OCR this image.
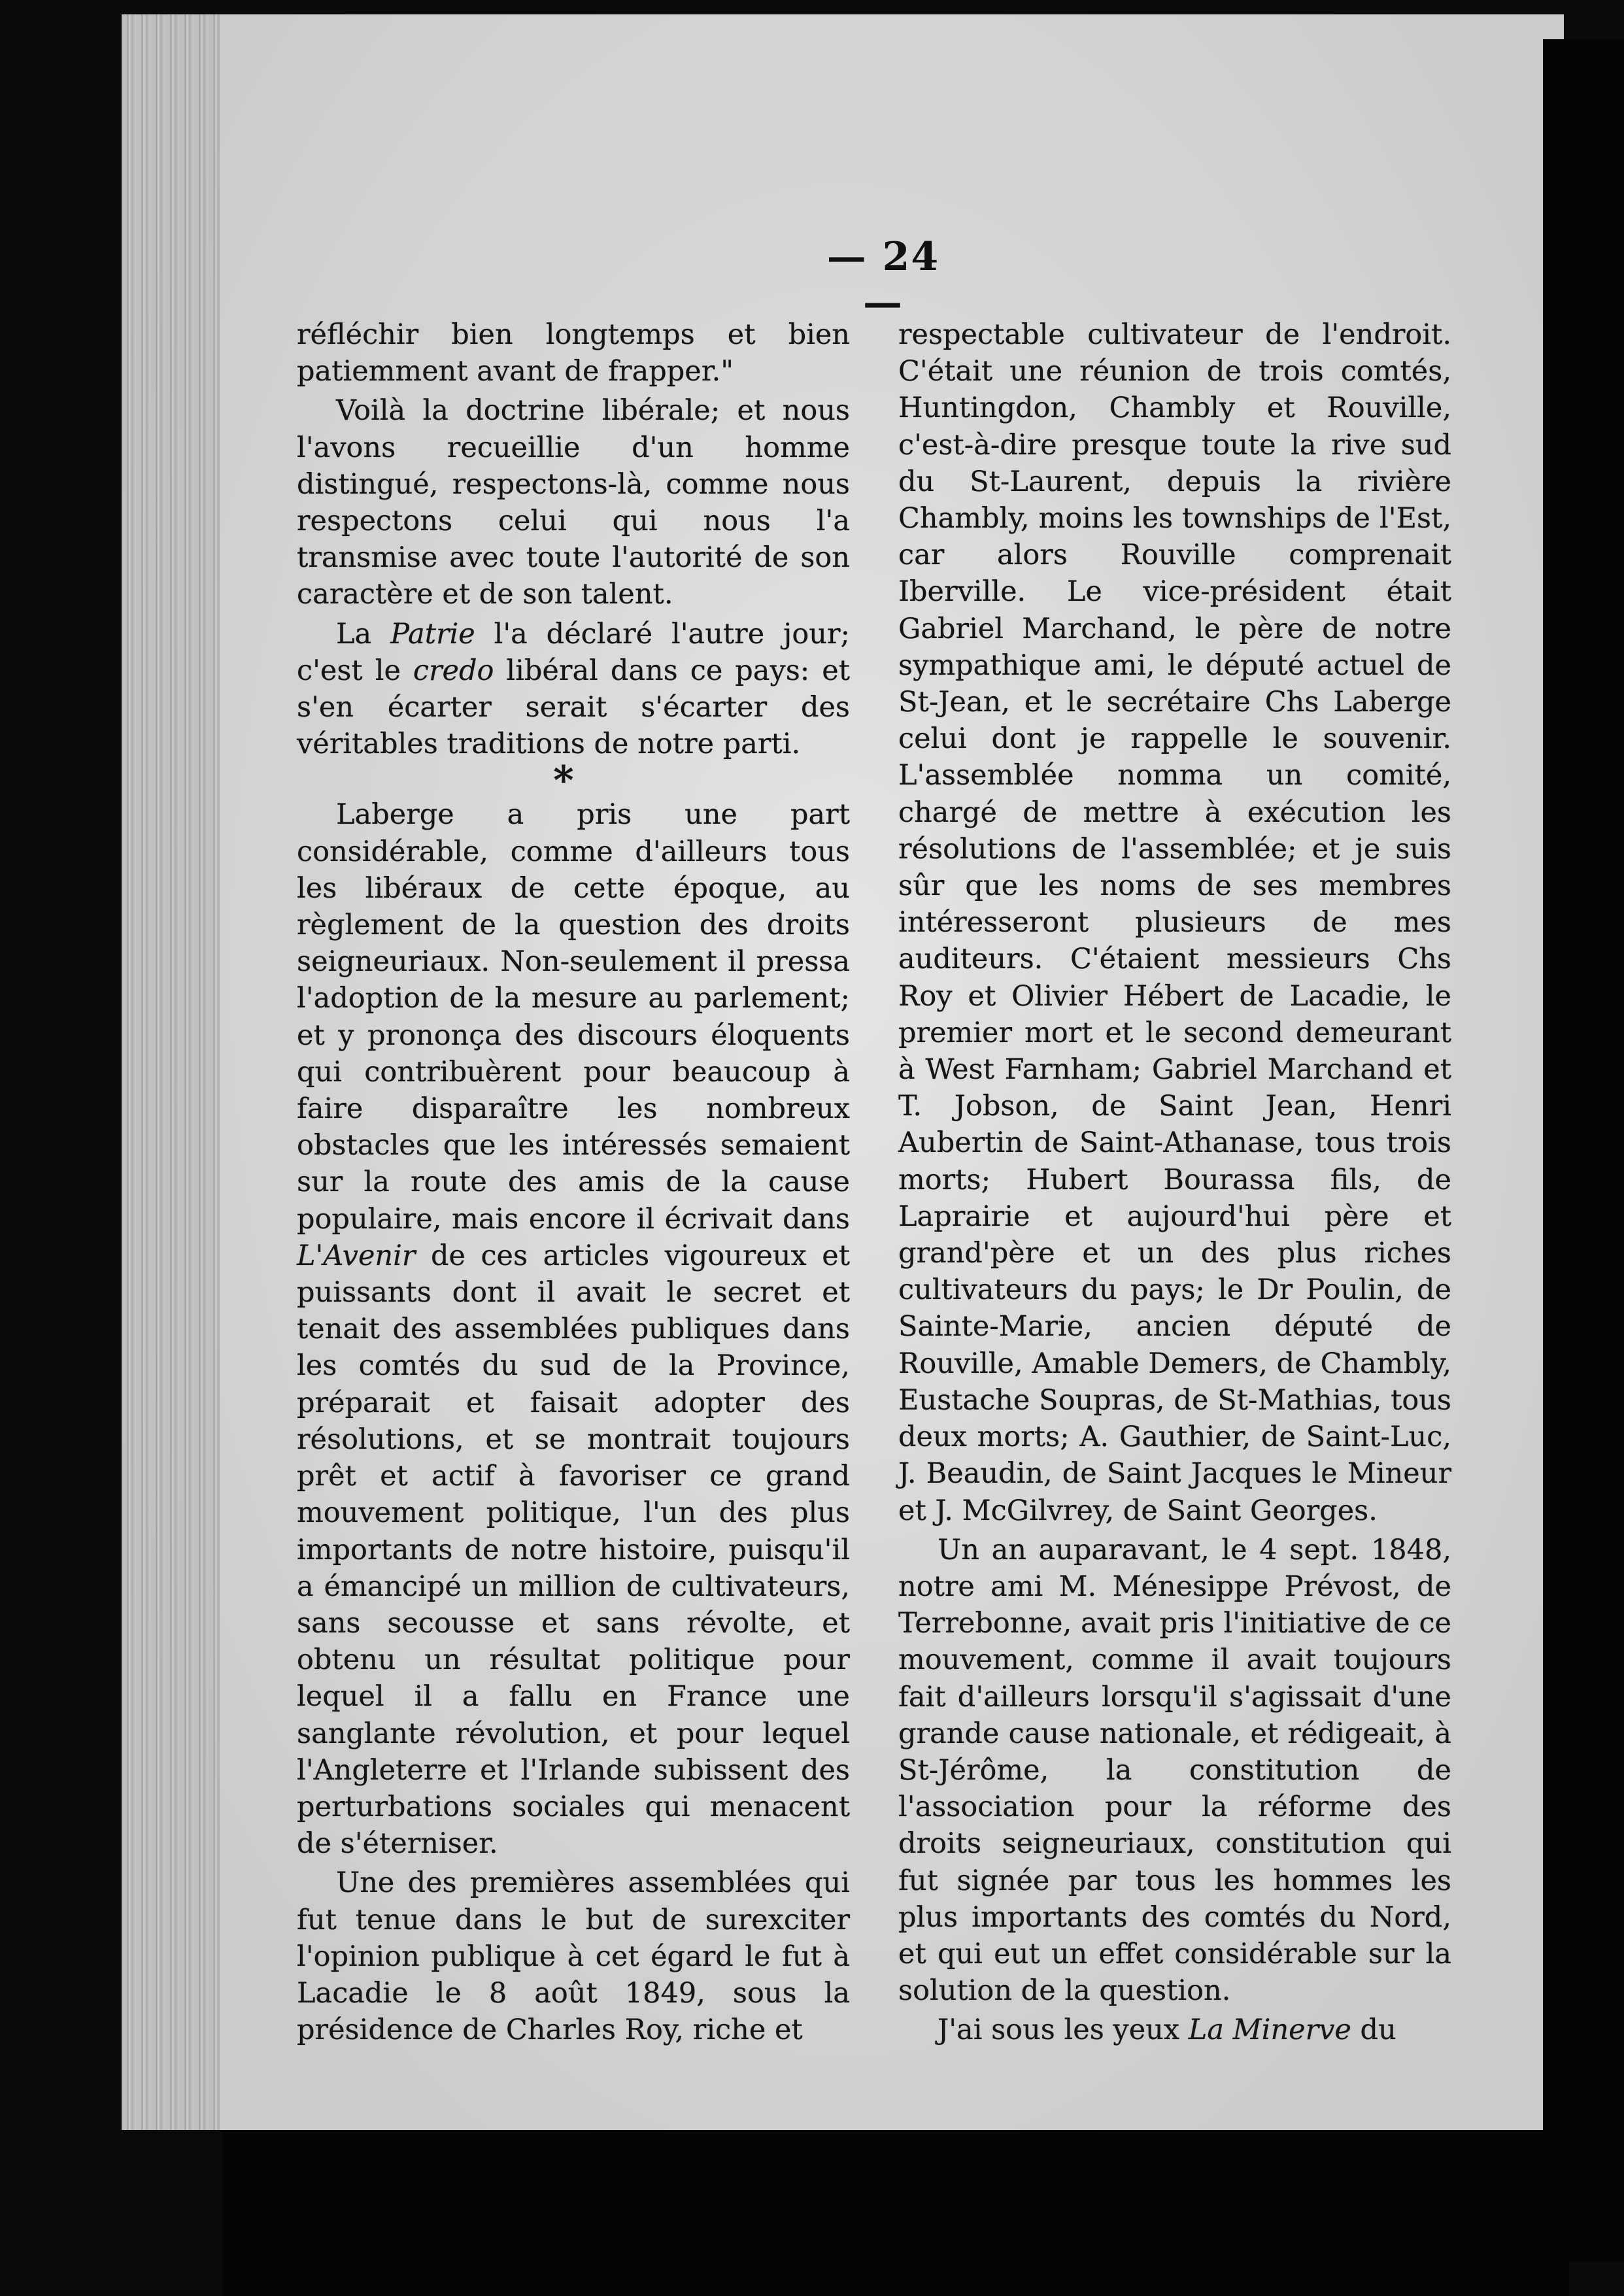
— 24 —

réfléchir bien longtemps et bien patiemment avant de frapper."

Voilà la doctrine libérale; et nous l'avons recueillie d'un homme distingué, respectons-là, comme nous respectons celui qui nous l'a transmise avec toute l'autorité de son caractère et de son talent.

La Patrie l'a déclaré l'autre jour; c'est le credo libéral dans ce pays: et s'en écarter serait s'écarter des véritables traditions de notre parti.

*

Laberge a pris une part considérable, comme d'ailleurs tous les libéraux de cette époque, au règlement de la question des droits seigneuriaux. Non-seulement il pressa l'adoption de la mesure au parlement; et y prononça des discours éloquents qui contribuèrent pour beaucoup à faire disparaître les nombreux obstacles que les intéressés semaient sur la route des amis de la cause populaire, mais encore il écrivait dans L'Avenir de ces articles vigoureux et puissants dont il avait le secret et tenait des assemblées publiques dans les comtés du sud de la Province, préparait et faisait adopter des résolutions, et se montrait toujours prêt et actif à favoriser ce grand mouvement politique, l'un des plus importants de notre histoire, puisqu'il a émancipé un million de cultivateurs, sans secousse et sans révolte, et obtenu un résultat politique pour lequel il a fallu en France une sanglante révolution, et pour lequel l'Angleterre et l'Irlande subissent des perturbations sociales qui menacent de s'éterniser.

Une des premières assemblées qui fut tenue dans le but de surexciter l'opinion publique à cet égard le fut à Lacadie le 8 août 1849, sous la présidence de Charles Roy, riche et

respectable cultivateur de l'endroit. C'était une réunion de trois comtés, Huntingdon, Chambly et Rouville, c'est-à-dire presque toute la rive sud du St-Laurent, depuis la rivière Chambly, moins les townships de l'Est, car alors Rouville comprenait Iberville. Le vice-président était Gabriel Marchand, le père de notre sympathique ami, le député actuel de St-Jean, et le secrétaire Chs Laberge celui dont je rappelle le souvenir. L'assemblée nomma un comité, chargé de mettre à exécution les résolutions de l'assemblée; et je suis sûr que les noms de ses membres intéresseront plusieurs de mes auditeurs. C'étaient messieurs Chs Roy et Olivier Hébert de Lacadie, le premier mort et le second demeurant à West Farnham; Gabriel Marchand et T. Jobson, de Saint Jean, Henri Aubertin de Saint-Athanase, tous trois morts; Hubert Bourassa fils, de Laprairie et aujourd'hui père et grand'père et un des plus riches cultivateurs du pays; le Dr Poulin, de Sainte-Marie, ancien député de Rouville, Amable Demers, de Chambly, Eustache Soupras, de St-Mathias, tous deux morts; A. Gauthier, de Saint-Luc, J. Beaudin, de Saint Jacques le Mineur et J. McGilvrey, de Saint Georges.

Un an auparavant, le 4 sept. 1848, notre ami M. Ménesippe Prévost, de Terrebonne, avait pris l'initiative de ce mouvement, comme il avait toujours fait d'ailleurs lorsqu'il s'agissait d'une grande cause nationale, et rédigeait, à St-Jérôme, la constitution de l'association pour la réforme des droits seigneuriaux, constitution qui fut signée par tous les hommes les plus importants des comtés du Nord, et qui eut un effet considérable sur la solution de la question.

J'ai sous les yeux La Minerve du
